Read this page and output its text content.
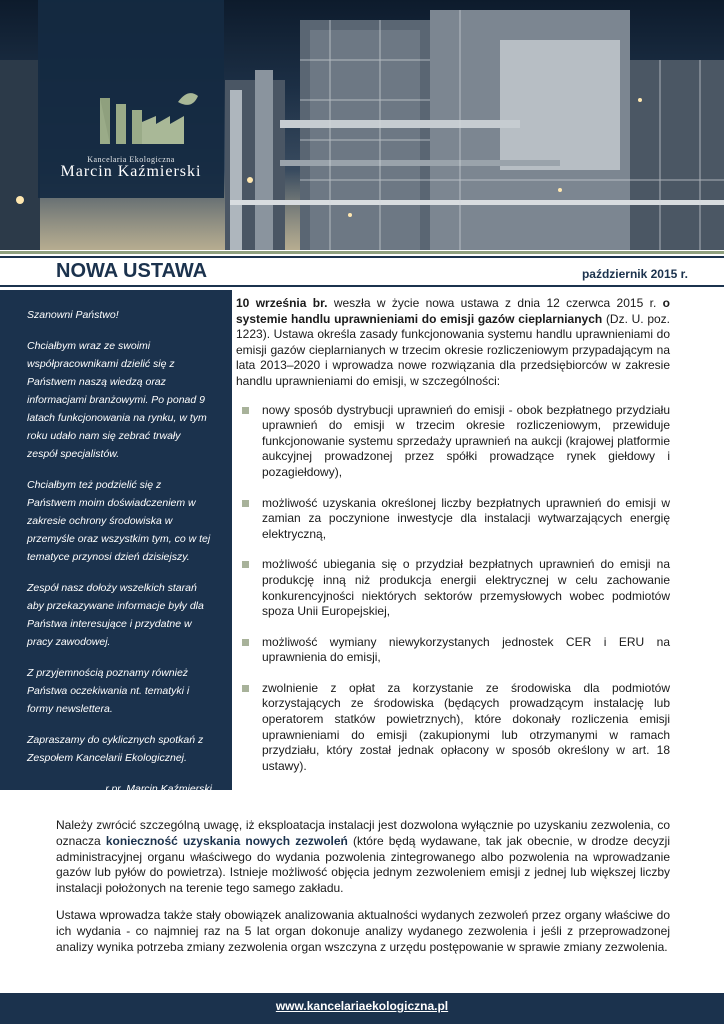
Kancelaria Ekologiczna
Marcin Kaźmierski
NOWA USTAWA	październik 2015 r.

Szanowni Państwo!

Chciałbym wraz ze swoimi współpracownikami dzielić się z Państwem naszą wiedzą oraz informacjami branżowymi. Po ponad 9 latach funkcjonowania na rynku, w tym roku udało nam się zebrać trwały zespół specjalistów.

Chciałbym też podzielić się z Państwem moim doświadczeniem w zakresie ochrony środowiska w przemyśle oraz wszystkim tym, co w tej tematyce przynosi dzień dzisiejszy.

Zespół nasz dołoży wszelkich starań aby przekazywane informacje były dla Państwa interesujące i przydatne w pracy zawodowej.

Z przyjemnością poznamy również Państwa oczekiwania nt. tematyki i formy newslettera.

Zapraszamy do cyklicznych spotkań z Zespołem Kancelarii Ekologicznej.

r.pr. Marcin Kaźmierski

10 września br. weszła w życie nowa ustawa z dnia 12 czerwca 2015 r. o systemie handlu uprawnieniami do emisji gazów cieplarnianych (Dz. U. poz. 1223). Ustawa określa zasady funkcjonowania systemu handlu uprawnieniami do emisji gazów cieplarnianych w trzecim okresie rozliczeniowym przypadającym na lata 2013–2020 i wprowadza nowe rozwiązania dla przedsiębiorców w zakresie handlu uprawnieniami do emisji, w szczególności:

nowy sposób dystrybucji uprawnień do emisji - obok bezpłatnego przydziału uprawnień do emisji w trzecim okresie rozliczeniowym, przewiduje funkcjonowanie systemu sprzedaży uprawnień na aukcji (krajowej platformie aukcyjnej prowadzonej przez spółki prowadzące rynek giełdowy i pozagiełdowy),
możliwość uzyskania określonej liczby bezpłatnych uprawnień do emisji w zamian za poczynione inwestycje dla instalacji wytwarzających energię elektryczną,
możliwość ubiegania się o przydział bezpłatnych uprawnień do emisji na produkcję inną niż produkcja energii elektrycznej w celu zachowanie konkurencyjności niektórych sektorów przemysłowych wobec podmiotów spoza Unii Europejskiej,
możliwość wymiany niewykorzystanych jednostek CER i ERU na uprawnienia do emisji,
zwolnienie z opłat za korzystanie ze środowiska dla podmiotów korzystających ze środowiska (będących prowadzącym instalację lub operatorem statków powietrznych), które dokonały rozliczenia emisji uprawnieniami do emisji (zakupionymi lub otrzymanymi w ramach przydziału, który został jednak opłacony w sposób określony w art. 18 ustawy).

Należy zwrócić szczególną uwagę, iż eksploatacja instalacji jest dozwolona wyłącznie po uzyskaniu zezwolenia, co oznacza konieczność uzyskania nowych zezwoleń (które będą wydawane, tak jak obecnie, w drodze decyzji administracyjnej organu właściwego do wydania pozwolenia zintegrowanego albo pozwolenia na wprowadzanie gazów lub pyłów do powietrza). Istnieje możliwość objęcia jednym zezwoleniem emisji z jednej lub większej liczby instalacji położonych na terenie tego samego zakładu.

Ustawa wprowadza także stały obowiązek analizowania aktualności wydanych zezwoleń przez organy właściwe do ich wydania - co najmniej raz na 5 lat organ dokonuje analizy wydanego zezwolenia i jeśli z przeprowadzonej analizy wynika potrzeba zmiany zezwolenia organ wszczyna z urzędu postępowanie w sprawie zmiany zezwolenia.

www.kancelariaekologiczna.pl
